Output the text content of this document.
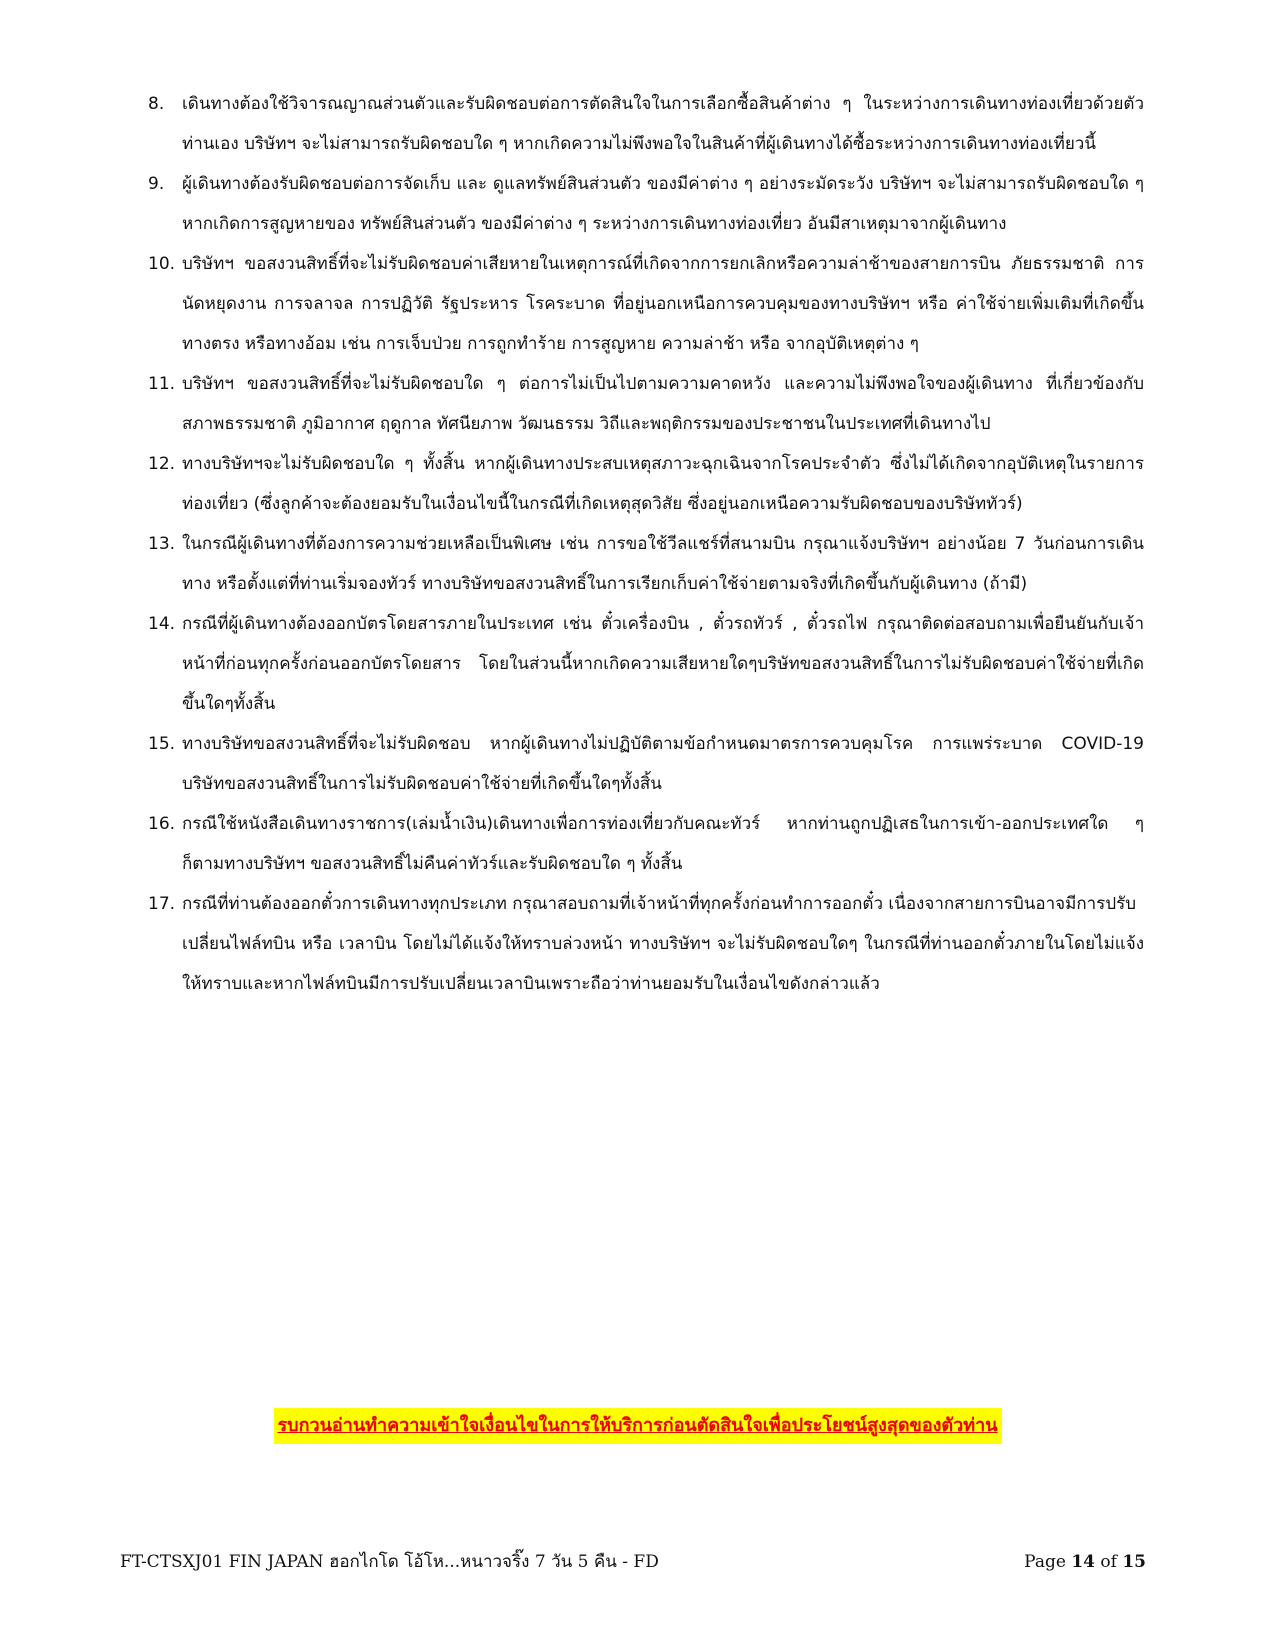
8.	เดินทางต้องใช้วิจารณญาณส่วนตัวและรับผิดชอบต่อการตัดสินใจในการเลือกซื้อสินค้าต่าง ๆ ในระหว่างการเดินทางท่องเที่ยวด้วยตัวท่านเอง บริษัทฯ จะไม่สามารถรับผิดชอบใด ๆ หากเกิดความไม่พึงพอใจในสินค้าที่ผู้เดินทางได้ซื้อระหว่างการเดินทางท่องเที่ยวนี้

9.	ผู้เดินทางต้องรับผิดชอบต่อการจัดเก็บ และ ดูแลทรัพย์สินส่วนตัว ของมีค่าต่าง ๆ อย่างระมัดระวัง บริษัทฯ จะไม่สามารถรับผิดชอบใด ๆ หากเกิดการสูญหายของ ทรัพย์สินส่วนตัว ของมีค่าต่าง ๆ ระหว่างการเดินทางท่องเที่ยว อันมีสาเหตุมาจากผู้เดินทาง

10. บริษัทฯ ขอสงวนสิทธิ์ที่จะไม่รับผิดชอบค่าเสียหายในเหตุการณ์ที่เกิดจากการยกเลิกหรือความล่าช้าของสายการบิน ภัยธรรมชาติ การนัดหยุดงาน การจลาจล การปฏิวัติ รัฐประหาร โรคระบาด ที่อยู่นอกเหนือการควบคุมของทางบริษัทฯ หรือ ค่าใช้จ่ายเพิ่มเติมที่เกิดขึ้นทางตรง หรือทางอ้อม เช่น การเจ็บป่วย การถูกทำร้าย การสูญหาย ความล่าช้า หรือ จากอุบัติเหตุต่าง ๆ

11. บริษัทฯ ขอสงวนสิทธิ์ที่จะไม่รับผิดชอบใด ๆ ต่อการไม่เป็นไปตามความคาดหวัง และความไม่พึงพอใจของผู้เดินทาง ที่เกี่ยวข้องกับ สภาพธรรมชาติ ภูมิอากาศ ฤดูกาล ทัศนียภาพ วัฒนธรรม วิถีและพฤติกรรมของประชาชนในประเทศที่เดินทางไป

12. ทางบริษัทฯจะไม่รับผิดชอบใด ๆ ทั้งสิ้น หากผู้เดินทางประสบเหตุสภาวะฉุกเฉินจากโรคประจำตัว ซึ่งไม่ได้เกิดจากอุบัติเหตุในรายการท่องเที่ยว (ซึ่งลูกค้าจะต้องยอมรับในเงื่อนไขนี้ในกรณีที่เกิดเหตุสุดวิสัย ซึ่งอยู่นอกเหนือความรับผิดชอบของบริษัททัวร์)

13. ในกรณีผู้เดินทางที่ต้องการความช่วยเหลือเป็นพิเศษ เช่น การขอใช้วีลแชร์ที่สนามบิน กรุณาแจ้งบริษัทฯ อย่างน้อย 7 วันก่อนการเดินทาง หรือตั้งแต่ที่ท่านเริ่มจองทัวร์ ทางบริษัทขอสงวนสิทธิ์ในการเรียกเก็บค่าใช้จ่ายตามจริงที่เกิดขึ้นกับผู้เดินทาง (ถ้ามี)

14. กรณีที่ผู้เดินทางต้องออกบัตรโดยสารภายในประเทศ เช่น ตั๋วเครื่องบิน , ตั๋วรถทัวร์ , ตั๋วรถไฟ กรุณาติดต่อสอบถามเพื่อยืนยันกับเจ้าหน้าที่ก่อนทุกครั้งก่อนออกบัตรโดยสาร โดยในส่วนนี้หากเกิดความเสียหายใดๆบริษัทขอสงวนสิทธิ์ในการไม่รับผิดชอบค่าใช้จ่ายที่เกิดขึ้นใดๆทั้งสิ้น

15. ทางบริษัทขอสงวนสิทธิ์ที่จะไม่รับผิดชอบ หากผู้เดินทางไม่ปฏิบัติตามข้อกำหนดมาตรการควบคุมโรค การแพร่ระบาด COVID-19 บริษัทขอสงวนสิทธิ์ในการไม่รับผิดชอบค่าใช้จ่ายที่เกิดขึ้นใดๆทั้งสิ้น

16. กรณีใช้หนังสือเดินทางราชการ(เล่มน้ำเงิน)เดินทางเพื่อการท่องเที่ยวกับคณะทัวร์ หากท่านถูกปฏิเสธในการเข้า-ออกประเทศใด ๆ ก็ตามทางบริษัทฯ ขอสงวนสิทธิ์ไม่คืนค่าทัวร์และรับผิดชอบใด ๆ ทั้งสิ้น

17. กรณีที่ท่านต้องออกตั๋วการเดินทางทุกประเภท กรุณาสอบถามที่เจ้าหน้าที่ทุกครั้งก่อนทำการออกตั๋ว เนื่องจากสายการบินอาจมีการปรับ

เปลี่ยนไฟล์ทบิน หรือ เวลาบิน โดยไม่ได้แจ้งให้ทราบล่วงหน้า ทางบริษัทฯ จะไม่รับผิดชอบใดๆ ในกรณีที่ท่านออกตั๋วภายในโดยไม่แจ้งให้ทราบและหากไฟล์ทบินมีการปรับเปลี่ยนเวลาบินเพราะถือว่าท่านยอมรับในเงื่อนไขดังกล่าวแล้ว

รบกวนอ่านทำความเข้าใจเงื่อนไขในการให้บริการก่อนตัดสินใจเพื่อประโยชน์สูงสุดของตัวท่าน
FT-CTSXJ01 FIN JAPAN ฮอกไกโด โอ้โห...หนาวจริ๊ง 7 วัน 5 คืน - FD	Page 14 of 15
